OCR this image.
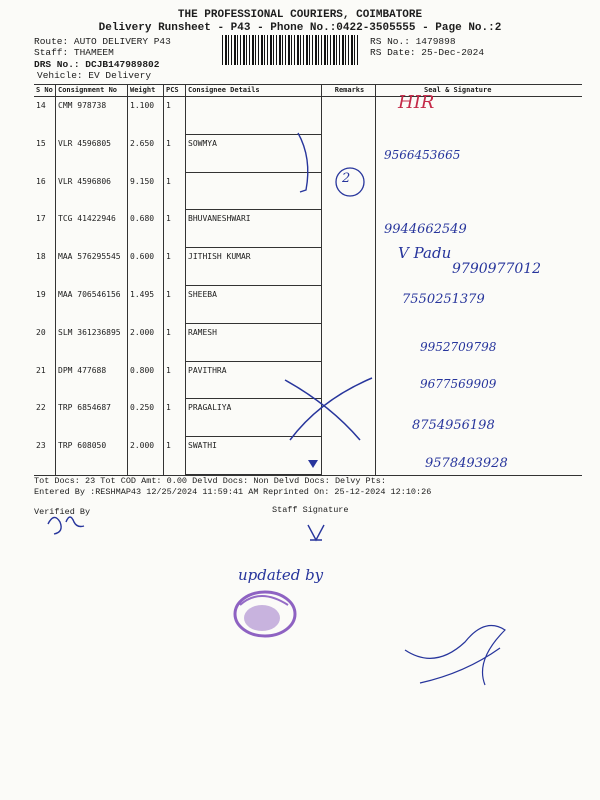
THE PROFESSIONAL COURIERS, COIMBATORE
Delivery Runsheet - P43 - Phone No.:0422-3505555 - Page No.:2
Route: AUTO DELIVERY P43
Staff: THAMEEM
DRS No.: DCJB147989802
Vehicle: EV Delivery
RS No.: 1479898
RS Date: 25-Dec-2024
S No Consignment No	Weight	PCS	Consignee Details	Remarks	Seal & Signature
14	CMM 978738	1.100	1
15	VLR 4596805	2.650	1	SOWMYA
16	VLR 4596806	9.150	1
17	TCG 41422946	0.680	1	BHUVANESHWARI
18	MAA 576295545	0.600	1	JITHISH KUMAR
19	MAA 706546156	1.495	1	SHEEBA
20	SLM 361236895	2.000	1	RAMESH
21	DPM 477688	0.800	1	PAVITHRA
22	TRP 6854687	0.250	1	PRAGALIYA
23	TRP 608050	2.000	1	SWATHI
2
HIR
9566453665
9944662549
V Padu
9790977012
7550251379
9952709798
9677569909
8754956198
9578493928
updated by
Tot Docs: 23 Tot COD Amt: 0.00 Delvd Docs: Non Delvd Docs: Delvy Pts:
Entered By :RESHMAP43 12/25/2024 11:59:41 AM Reprinted On: 25-12-2024 12:10:26
Verified By	Staff Signature
